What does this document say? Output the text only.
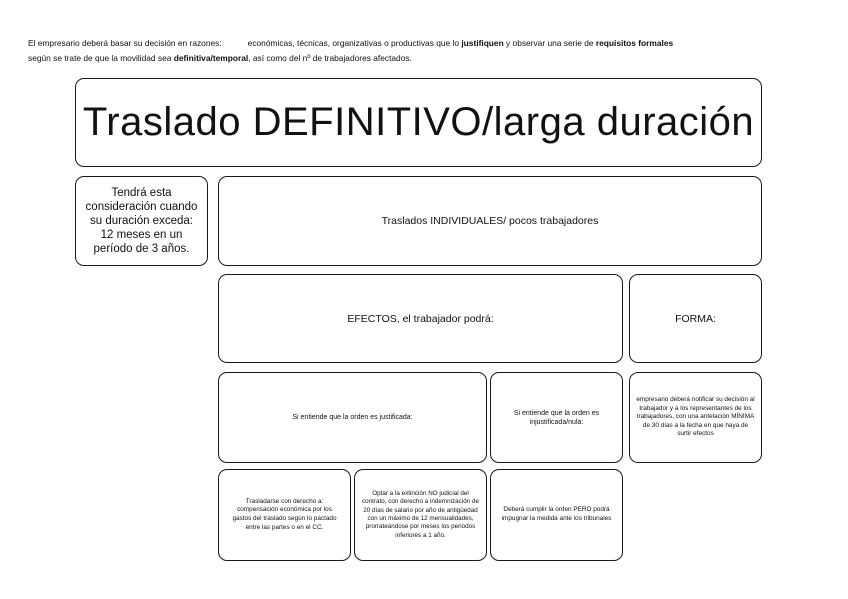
El empresario deberá basar su decisión en razones:	económicas, técnicas, organizativas o productivas que lo justifiquen y observar una serie de requisitos formales
según se trate de que la movilidad sea definitiva/temporal, así como del nº de trabajadores afectados.
Traslado DEFINITIVO/larga duración
Tendrá esta consideración cuando su duración exceda: 12 meses en un período de 3 años.
Traslados INDIVIDUALES/ pocos trabajadores
EFECTOS, el trabajador podrá:	FORMA:
Si entiende que la orden es justificada:
Si entiende que la orden es injustificada/nula:
empresario deberá notificar su decisión al trabajador y a los representantes de los trabajadores, con una antelación MÍNIMA de 30 días a la fecha en que haya de surtir efectos
Trasladarse con derecho a: compensación económica por los gastos del traslado según lo pactado entre las partes o en el CC.
Optar a la extinción NO judicial del contrato, con derecho a indemnización de 20 días de salario por año de antigüedad con un máximo de 12 mensualidades, prorrateándose por meses los periodos inferiores a 1 año.
Deberá cumplir la orden PERO podrá impugnar la medida ante los tribunales
